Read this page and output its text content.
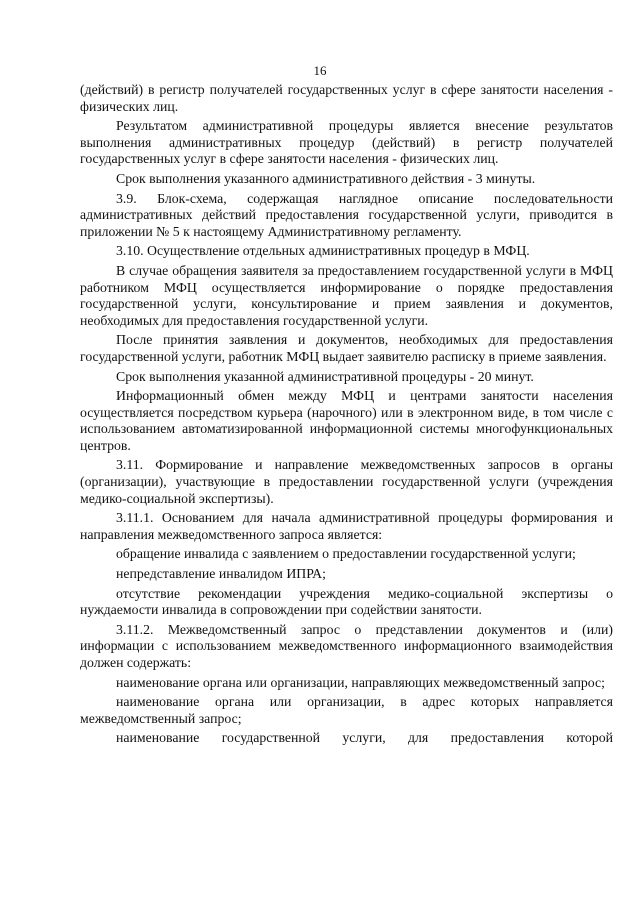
16

(действий) в регистр получателей государственных услуг в сфере занятости населения - физических лиц.

Результатом административной процедуры является внесение результатов выполнения административных процедур (действий) в регистр получателей государственных услуг в сфере занятости населения - физических лиц.

Срок выполнения указанного административного действия - 3 минуты.

3.9. Блок-схема, содержащая наглядное описание последовательности административных действий предоставления государственной услуги, приводится в приложении № 5 к настоящему Административному регламенту.

3.10. Осуществление отдельных административных процедур в МФЦ.

В случае обращения заявителя за предоставлением государственной услуги в МФЦ работником МФЦ осуществляется информирование о порядке предоставления государственной услуги, консультирование и прием заявления и документов, необходимых для предоставления государственной услуги.

После принятия заявления и документов, необходимых для предоставления государственной услуги, работник МФЦ выдает заявителю расписку в приеме заявления.

Срок выполнения указанной административной процедуры - 20 минут.

Информационный обмен между МФЦ и центрами занятости населения осуществляется посредством курьера (нарочного) или в электронном виде, в том числе с использованием автоматизированной информационной системы многофункциональных центров.

3.11. Формирование и направление межведомственных запросов в органы (организации), участвующие в предоставлении государственной услуги (учреждения медико-социальной экспертизы).

3.11.1. Основанием для начала административной процедуры формирования и направления межведомственного запроса является:

обращение инвалида с заявлением о предоставлении государственной услуги;

непредставление инвалидом ИПРА;

отсутствие рекомендации учреждения медико-социальной экспертизы о нуждаемости инвалида в сопровождении при содействии занятости.

3.11.2. Межведомственный запрос о представлении документов и (или) информации с использованием межведомственного информационного взаимодействия должен содержать:

наименование органа или организации, направляющих межведомственный запрос;

наименование органа или организации, в адрес которых направляется межведомственный запрос;

наименование государственной услуги, для предоставления которой
